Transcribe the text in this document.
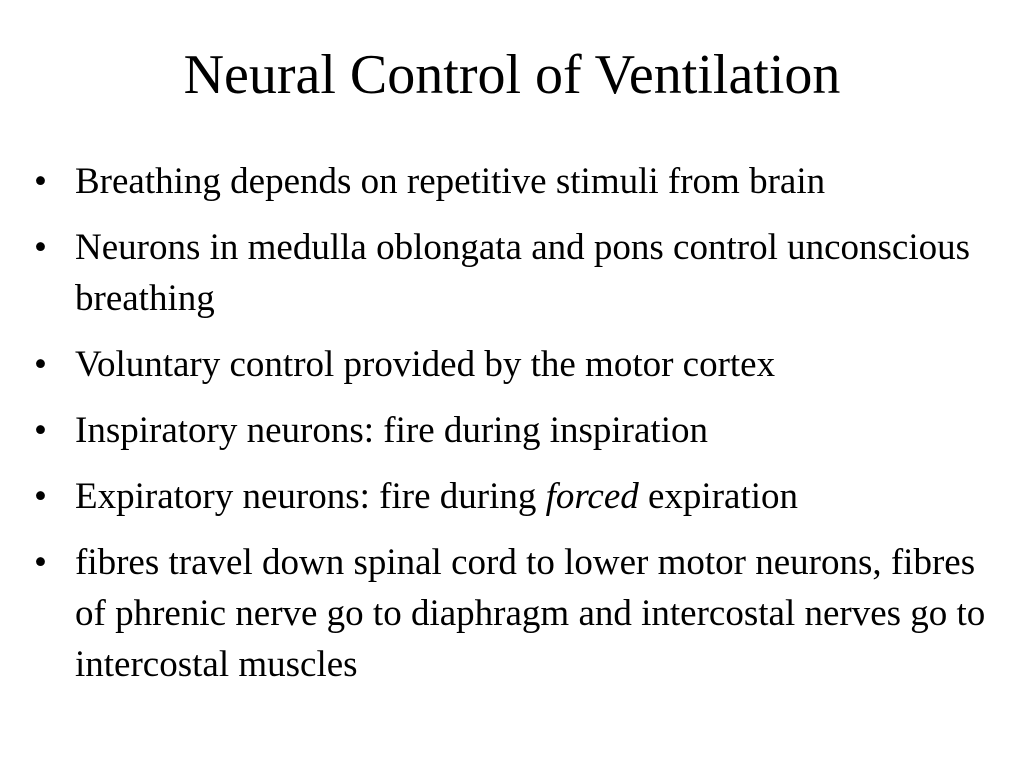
Neural Control of Ventilation
• Breathing depends on repetitive stimuli from brain
• Neurons in medulla oblongata and pons control unconscious breathing
• Voluntary control provided by the motor cortex
• Inspiratory neurons: fire during inspiration
• Expiratory neurons: fire during forced expiration
• fibres travel down spinal cord to lower motor neurons, fibres of phrenic nerve go to diaphragm and intercostal nerves go to intercostal muscles
